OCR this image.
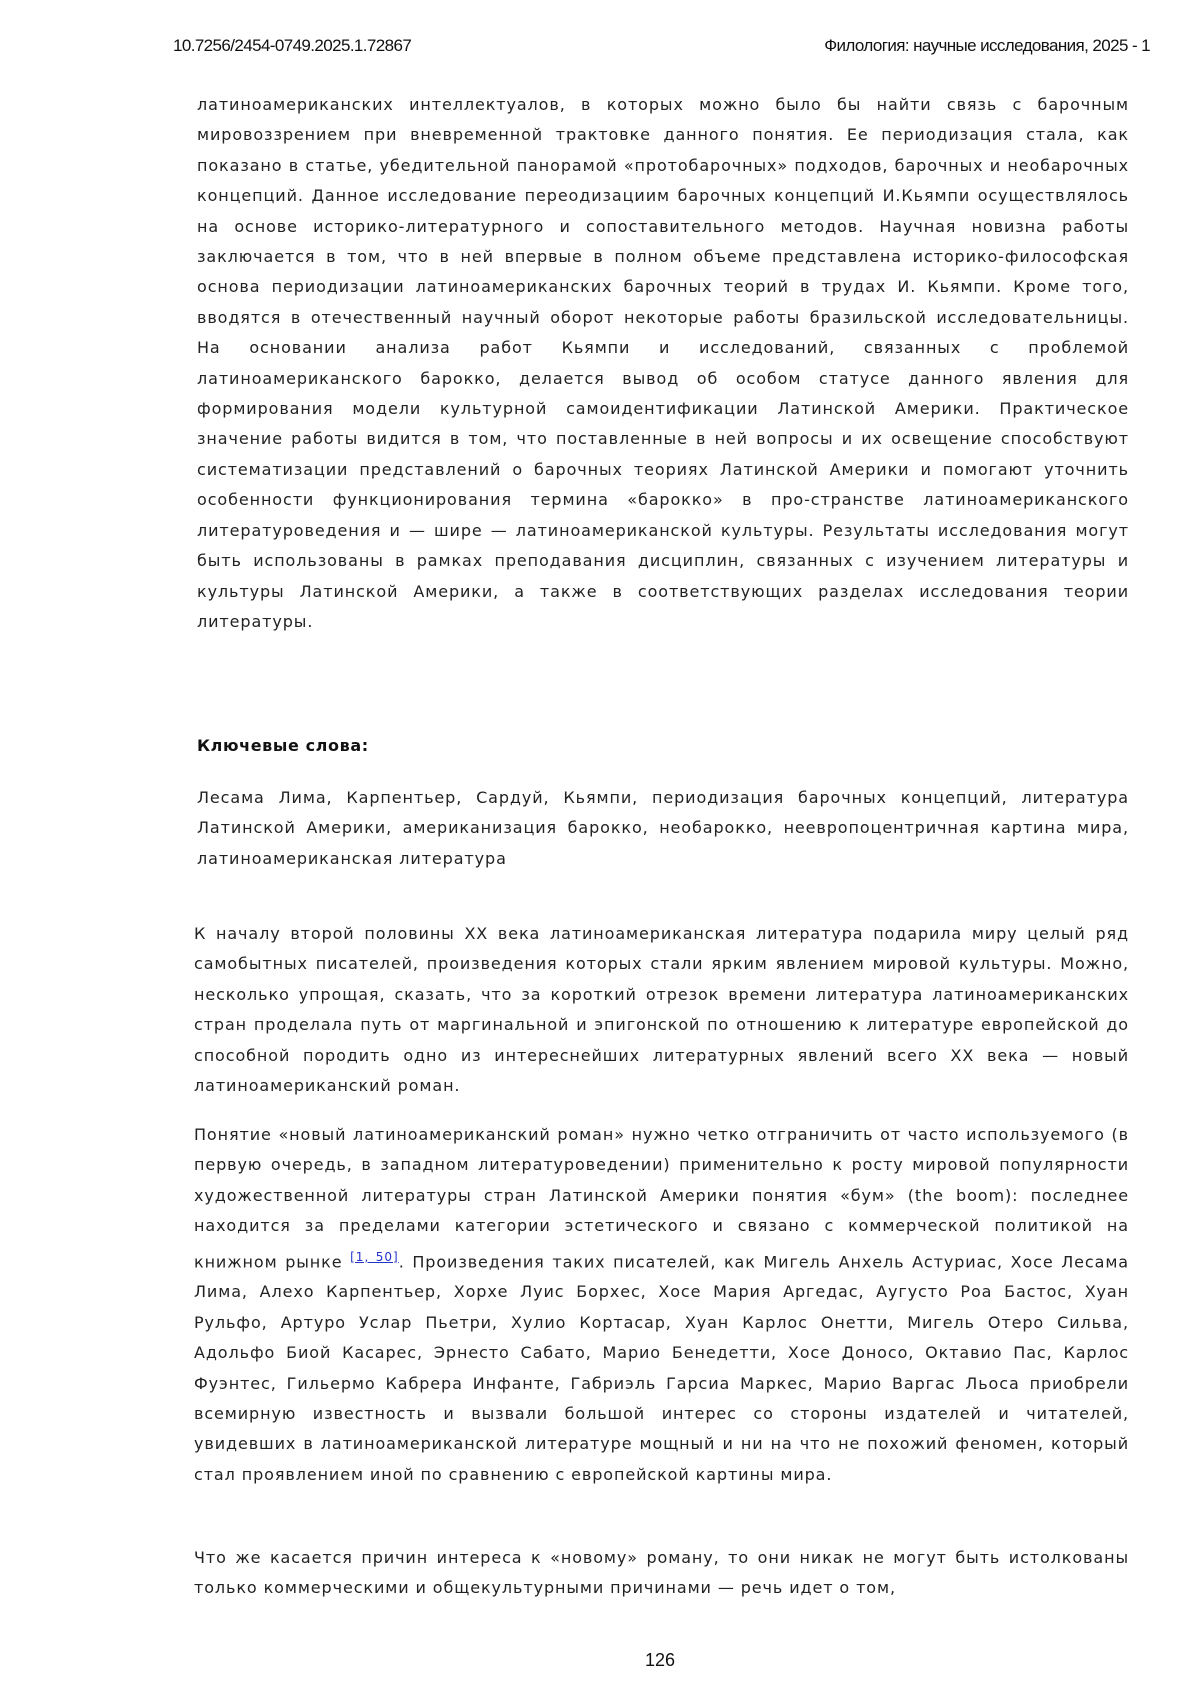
10.7256/2454-0749.2025.1.72867	Филология: научные исследования, 2025 - 1

латиноамериканских интеллектуалов, в которых можно было бы найти связь с барочным мировоззрением при вневременной трактовке данного понятия. Ее периодизация стала, как показано в статье, убедительной панорамой «протобарочных» подходов, барочных и необарочных концепций. Данное исследование переодизациим барочных концепций И.Кьямпи осуществлялось на основе историко-литературного и сопоставительного методов. Научная новизна работы заключается в том, что в ней впервые в полном объеме представлена историко-философская основа периодизации латиноамериканских барочных теорий в трудах И. Кьямпи. Кроме того, вводятся в отечественный научный оборот некоторые работы бразильской исследовательницы. На основании анализа работ Кьямпи и исследований, связанных с проблемой латиноамериканского барокко, делается вывод об особом статусе данного явления для формирования модели культурной самоидентификации Латинской Америки. Практическое значение работы видится в том, что поставленные в ней вопросы и их освещение способствуют систематизации представлений о барочных теориях Латинской Америки и помогают уточнить особенности функционирования термина «барокко» в про-странстве латиноамериканского литературоведения и — шире — латиноамериканской культуры. Результаты исследования могут быть использованы в рамках преподавания дисциплин, связанных с изучением литературы и культуры Латинской Америки, а также в соответствующих разделах исследования теории литературы.

Ключевые слова:

Лесама Лима, Карпентьер, Сардуй, Кьямпи, периодизация барочных концепций, литература Латинской Америки, американизация барокко, необарокко, неевропоцентричная картина мира, латиноамериканская литература

К началу второй половины XX века латиноамериканская литература подарила миру целый ряд самобытных писателей, произведения которых стали ярким явлением мировой культуры. Можно, несколько упрощая, сказать, что за короткий отрезок времени литература латиноамериканских стран проделала путь от маргинальной и эпигонской по отношению к литературе европейской до способной породить одно из интереснейших литературных явлений всего XX века — новый латиноамериканский роман.

Понятие «новый латиноамериканский роман» нужно четко отграничить от часто используемого (в первую очередь, в западном литературоведении) применительно к росту мировой популярности художественной литературы стран Латинской Америки понятия «бум» (the boom): последнее находится за пределами категории эстетического и связано с коммерческой политикой на книжном рынке [1, 50]. Произведения таких писателей, как Мигель Анхель Астуриас, Хосе Лесама Лима, Алехо Карпентьер, Хорхе Луис Борхес, Хосе Мария Аргедас, Аугусто Роа Бастос, Хуан Рульфо, Артуро Услар Пьетри, Хулио Кортасар, Хуан Карлос Онетти, Мигель Отеро Сильва, Адольфо Биой Касарес, Эрнесто Сабато, Марио Бенедетти, Хосе Доносо, Октавио Пас, Карлос Фуэнтес, Гильермо Кабрера Инфанте, Габриэль Гарсиа Маркес, Марио Варгас Льоса приобрели всемирную известность и вызвали большой интерес со стороны издателей и читателей, увидевших в латиноамериканской литературе мощный и ни на что не похожий феномен, который стал проявлением иной по сравнению с европейской картины мира.

Что же касается причин интереса к «новому» роману, то они никак не могут быть истолкованы только коммерческими и общекультурными причинами — речь идет о том,

126
